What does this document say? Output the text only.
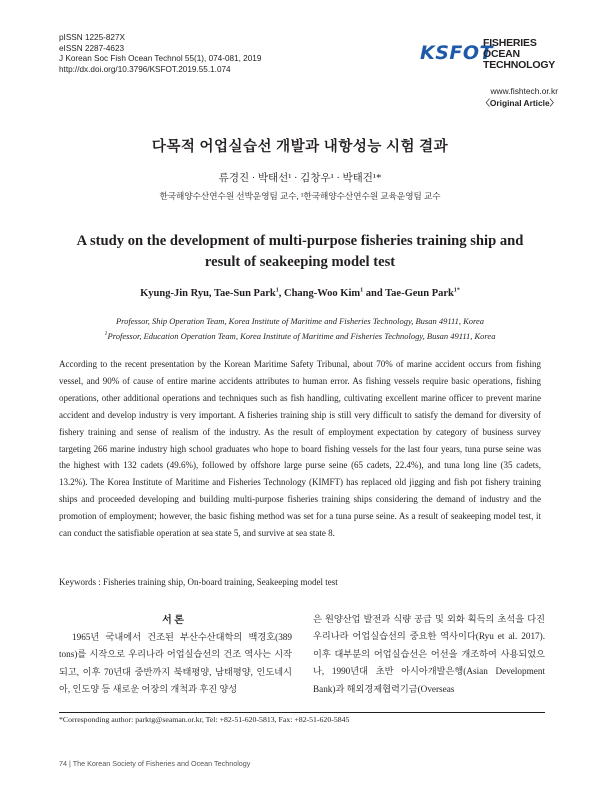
pISSN 1225-827X
eISSN 2287-4623
J Korean Soc Fish Ocean Technol 55(1), 074-081, 2019
http://dx.doi.org/10.3796/KSFOT.2019.55.1.074
KSFOT
FISHERIES OCEAN
TECHNOLOGY
www.fishtech.or.kr
〈Original Article〉
다목적 어업실습선 개발과 내항성능 시험 결과
류경진 · 박태선¹ · 김창우¹ · 박태건¹*
한국해양수산연수원 선박운영팀 교수, ¹한국해양수산연수원 교육운영팀 교수
A study on the development of multi-purpose fisheries training ship and
result of seakeeping model test
Kyung-Jin Ryu, Tae-Sun Park$^1$, Chang-Woo Kim$^1$ and Tae-Geun Park$^{1*}$
Professor, Ship Operation Team, Korea Institute of Maritime and Fisheries Technology, Busan 49111, Korea
$^1$Professor, Education Operation Team, Korea Institute of Maritime and Fisheries Technology, Busan 49111, Korea
According to the recent presentation by the Korean Maritime Safety Tribunal, about 70% of marine accident occurs from fishing vessel, and 90% of cause of entire marine accidents attributes to human error. As fishing vessels require basic operations, fishing operations, other additional operations and techniques such as fish handling, cultivating excellent marine officer to prevent marine accident and develop industry is very important. A fisheries training ship is still very difficult to satisfy the demand for diversity of fishery training and sense of realism of the industry. As the result of employment expectation by category of business survey targeting 266 marine industry high school graduates who hope to board fishing vessels for the last four years, tuna purse seine was the highest with 132 cadets (49.6%), followed by offshore large purse seine (65 cadets, 22.4%), and tuna long line (35 cadets, 13.2%). The Korea Institute of Maritime and Fisheries Technology (KIMFT) has replaced old jigging and fish pot fishery training ships and proceeded developing and building multi-purpose fisheries training ships considering the demand of industry and the promotion of employment; however, the basic fishing method was set for a tuna purse seine. As a result of seakeeping model test, it can conduct the satisfiable operation at sea state 5, and survive at sea state 8.
Keywords : Fisheries training ship, On-board training, Seakeeping model test
서 론
1965년 국내에서 건조된 부산수산대학의 백경호(389 tons)를 시작으로 우리나라 어업실습선의 건조 역사는 시작되고, 이후 70년대 중반까지 북태평양, 남태평양, 인도네시아, 인도양 등 새로운 어장의 개척과 후진 양성
은 원양산업 발전과 식량 공급 및 외화 획득의 초석을 다진 우리나라 어업실습선의 중요한 역사이다(Ryu et al. 2017). 이후 대부분의 어업실습선은 어선을 개조하여 사용되었으나, 1990년대 초반 아시아개발은행(Asian Development Bank)과 해외경제협력기금(Overseas
*Corresponding author: parktg@seaman.or.kr, Tel: +82-51-620-5813, Fax: +82-51-620-5845
74 | The Korean Society of Fisheries and Ocean Technology
